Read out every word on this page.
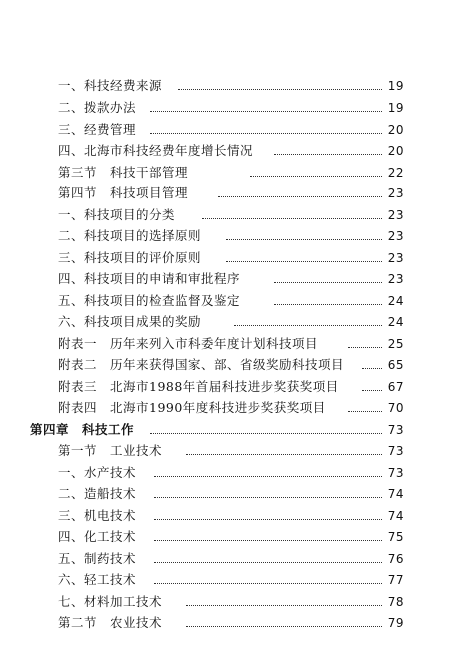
一、科技经费来源	19
二、拨款办法	19
三、经费管理	20
四、北海市科技经费年度增长情况	20
第三节　科技干部管理	22
第四节　科技项目管理	23
一、科技项目的分类	23
二、科技项目的选择原则	23
三、科技项目的评价原则	23
四、科技项目的申请和审批程序	23
五、科技项目的检查监督及鉴定	24
六、科技项目成果的奖励	24
附表一　历年来列入市科委年度计划科技项目	25
附表二　历年来获得国家、部、省级奖励科技项目	65
附表三　北海市1988年首届科技进步奖获奖项目	67
附表四　北海市1990年度科技进步奖获奖项目	70
第四章　科技工作	73
第一节　工业技术	73
一、水产技术	73
二、造船技术	74
三、机电技术	74
四、化工技术	75
五、制药技术	76
六、轻工技术	77
七、材料加工技术	78
第二节　农业技术	79
